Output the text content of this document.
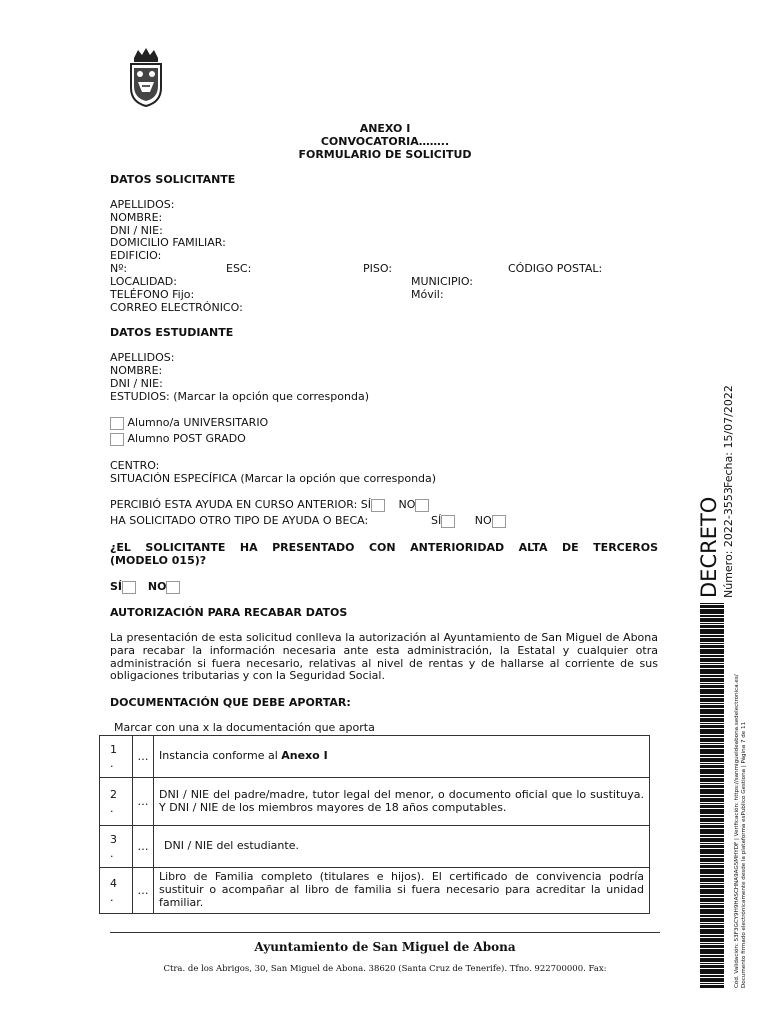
ANEXO I
CONVOCATORIA……..
FORMULARIO DE SOLICITUD
DATOS SOLICITANTE
APELLIDOS:
NOMBRE:
DNI / NIE:
DOMICILIO FAMILIAR:
EDIFICIO:
Nº:	ESC:	PISO:	CÓDIGO POSTAL:
LOCALIDAD:	MUNICIPIO:
TELÉFONO Fijo:	Móvil:
CORREO ELECTRÓNICO:
DATOS ESTUDIANTE
APELLIDOS:
NOMBRE:
DNI / NIE:
ESTUDIOS: (Marcar la opción que corresponda)
Alumno/a UNIVERSITARIO
Alumno POST GRADO
CENTRO:
SITUACIÓN ESPECÍFICA (Marcar la opción que corresponda)
PERCIBIÓ ESTA AYUDA EN CURSO ANTERIOR: SÍ	NO
HA SOLICITADO OTRO TIPO DE AYUDA O BECA:	SÍ	NO
¿EL SOLICITANTE HA PRESENTADO CON ANTERIORIDAD ALTA DE TERCEROS
(MODELO 015)?
SÍ NO
AUTORIZACIÓN PARA RECABAR DATOS
La presentación de esta solicitud conlleva la autorización al Ayuntamiento de San Miguel de Abona para recabar la información necesaria ante esta administración, la Estatal y cualquier otra administración si fuera necesario, relativas al nivel de rentas y de hallarse al corriente de sus obligaciones tributarias y con la Seguridad Social.
DOCUMENTACIÓN QUE DEBE APORTAR:
Marcar con una x la documentación que aporta
1
.	…	Instancia conforme al Anexo I
2
.	…	DNI / NIE del padre/madre, tutor legal del menor, o documento oficial que lo sustituya. Y DNI / NIE de los miembros mayores de 18 años computables.
3
.	…	DNI / NIE del estudiante.
4
.	…	Libro de Familia completo (titulares e hijos). El certificado de convivencia podría sustituir o acompañar al libro de familia si fuera necesario para acreditar la unidad familiar.
Ayuntamiento de San Miguel de Abona
Ctra. de los Abrigos, 30, San Miguel de Abona. 38620 (Santa Cruz de Tenerife). Tfno. 922700000. Fax:
DECRETO Número: 2022-3553
Fecha: 15/07/2022
Cód. Validación: 53F3GCY9H9HASCHNA9AG5MHYDF | Verificación: https://sanmigueldeabona.sedelectronica.es/ Documento firmado electrónicamente desde la plataforma esPublico Gestiona | Página 7 de 11
